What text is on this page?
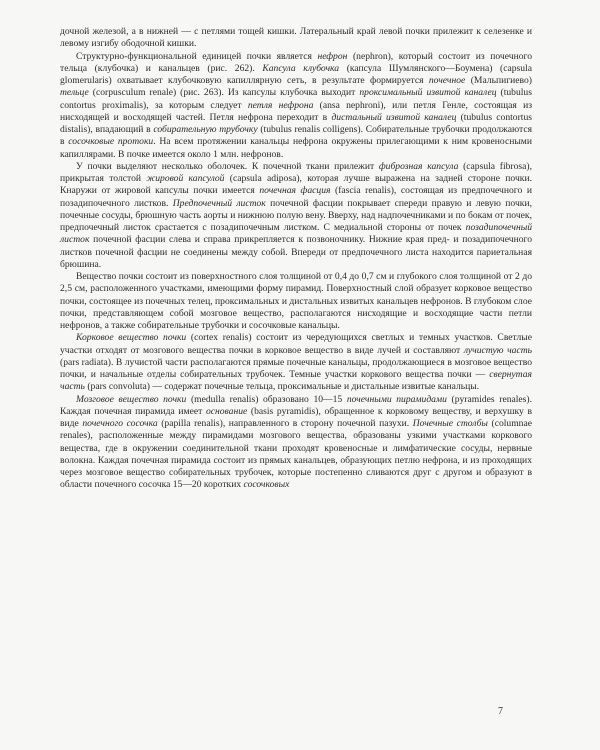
дочной железой, а в нижней — с петлями тощей кишки. Латеральный край левой почки прилежит к селезенке и левому изгибу ободочной кишки.

Структурно-функциональной единицей почки является нефрон (nephron), который состоит из почечного тельца (клубочка) и канальцев (рис. 262). Капсула клубочка (капсула Шумлянского—Боумена) (capsula glomerularis) охватывает клубочковую капиллярную сеть, в результате формируется почечное (Мальпигиево) тельце (corpusculum renale) (рис. 263). Из капсулы клубочка выходит проксимальный извитой каналец (tubulus contortus proximalis), за которым следует петля нефрона (ansa nephroni), или петля Генле, состоящая из нисходящей и восходящей частей. Петля нефрона переходит в дистальный извитой каналец (tubulus contortus distalis), впадающий в собирательную трубочку (tubulus renalis colligens). Собирательные трубочки продолжаются в сосочковые протоки. На всем протяжении канальцы нефрона окружены прилегающими к ним кровеносными капиллярами. В почке имеется около 1 млн. нефронов.

У почки выделяют несколько оболочек. К почечной ткани прилежит фиброзная капсула (capsula fibrosa), прикрытая толстой жировой капсулой (capsula adiposa), которая лучше выражена на задней стороне почки. Кнаружи от жировой капсулы почки имеется почечная фасция (fascia renalis), состоящая из предпочечного и позадипочечного листков. Предпочечный листок почечной фасции покрывает спереди правую и левую почки, почечные сосуды, брюшную часть аорты и нижнюю полую вену. Вверху, над надпочечниками и по бокам от почек, предпочечный листок срастается с позадипочечным листком. С медиальной стороны от почек позадипочечный листок почечной фасции слева и справа прикрепляется к позвоночнику. Нижние края пред- и позадипочечного листков почечной фасции не соединены между собой. Впереди от предпочечного листа находится париетальная брюшина.

Вещество почки состоит из поверхностного слоя толщиной от 0,4 до 0,7 см и глубокого слоя толщиной от 2 до 2,5 см, расположенного участками, имеющими форму пирамид. Поверхностный слой образует корковое вещество почки, состоящее из почечных телец, проксимальных и дистальных извитых канальцев нефронов. В глубоком слое почки, представляющем собой мозговое вещество, располагаются нисходящие и восходящие части петли нефронов, а также собирательные трубочки и сосочковые канальцы.

Корковое вещество почки (cortex renalis) состоит из чередующихся светлых и темных участков. Светлые участки отходят от мозгового вещества почки в корковое вещество в виде лучей и составляют лучистую часть (pars radiata). В лучистой части располагаются прямые почечные канальцы, продолжающиеся в мозговое вещество почки, и начальные отделы собирательных трубочек. Темные участки коркового вещества почки — свернутая часть (pars convoluta) — содержат почечные тельца, проксимальные и дистальные извитые канальцы.

Мозговое вещество почки (medulla renalis) образовано 10—15 почечными пирамидами (pyramides renales). Каждая почечная пирамида имеет основание (basis pyramidis), обращенное к корковому веществу, и верхушку в виде почечного сосочка (papilla renalis), направленного в сторону почечной пазухи. Почечные столбы (columnae renales), расположенные между пирамидами мозгового вещества, образованы узкими участками коркового вещества, где в окружении соединительной ткани проходят кровеносные и лимфатические сосуды, нервные волокна. Каждая почечная пирамида состоит из прямых канальцев, образующих петлю нефрона, и из проходящих через мозговое вещество собирательных трубочек, которые постепенно сливаются друг с другом и образуют в области почечного сосочка 15—20 коротких сосочковых

7
